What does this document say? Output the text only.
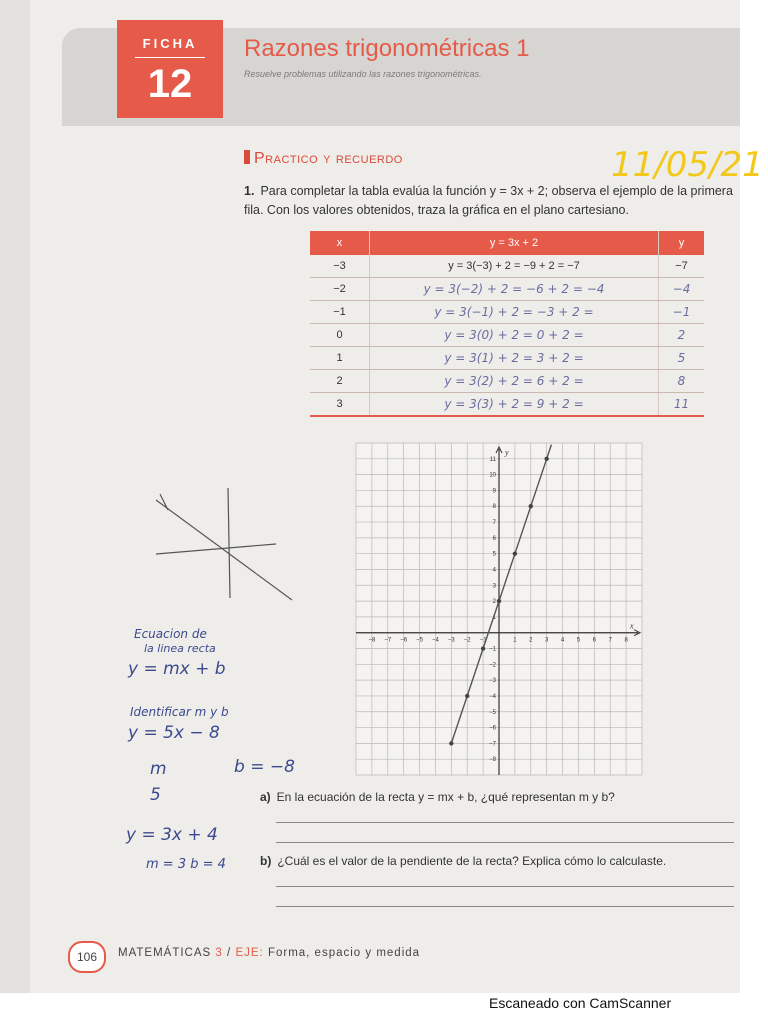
FICHA
12
Razones trigonométricas 1
Resuelve problemas utilizando las razones trigonométricas.
Practico y recuerdo
1. Para completar la tabla evalúa la función y = 3x + 2; observa el ejemplo de la primera fila. Con los valores obtenidos, traza la gráfica en el plano cartesiano.
x	y = 3x + 2	y
−3	y = 3(−3) + 2 = −9 + 2 = −7	−7
−2	y = 3(−2) + 2 = −6 + 2 = −4	−4
−1	y = 3(−1) + 2 = −3 + 2 =	−1
0	y = 3(0) + 2 = 0 + 2 =	2
1	y = 3(1) + 2 = 3 + 2 =	5
2	y = 3(2) + 2 = 6 + 2 =	8
3	y = 3(3) + 2 = 9 + 2 =	11
−8 −7 −6 −5 −4 −3 −2 −1	1 2 3 4 5 6 7 8
11
10
9
8
7
6
5
4
3
2
1
−1
−2
−3
−4
−5
−6
−7
−8
x
y
11/05/21
Ecuacion de
la linea recta
y = mx + b
Identificar m y b
y = 5x − 8
m
5
b = −8
y = 3x + 4
m = 3 b = 4
a) En la ecuación de la recta y = mx + b, ¿qué representan m y b?
b) ¿Cuál es el valor de la pendiente de la recta? Explica cómo lo calculaste.
106	MATEMÁTICAS 3 / EJE: Forma, espacio y medida
Escaneado con CamScanner
